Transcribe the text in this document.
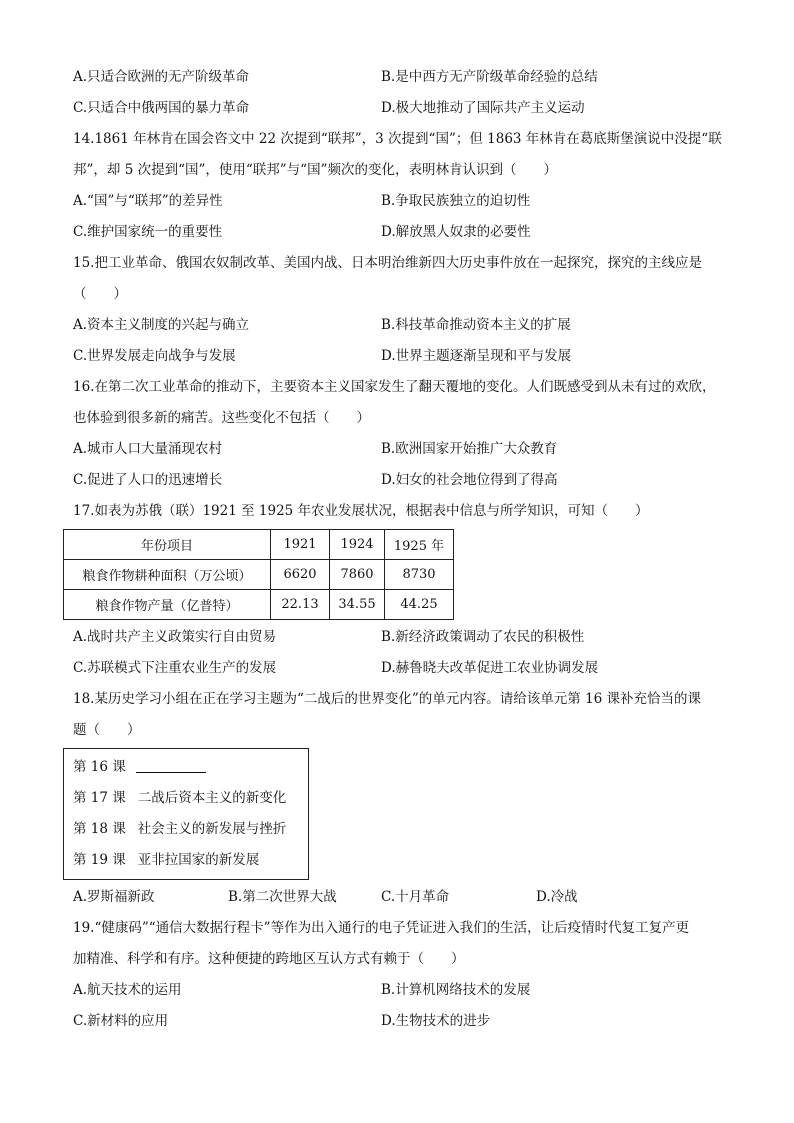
A.只适合欧洲的无产阶级革命	B.是中西方无产阶级革命经验的总结
C.只适合中俄两国的暴力革命	D.极大地推动了国际共产主义运动
14.1861 年林肯在国会咨文中 22 次提到“联邦”，3 次提到“国”；但 1863 年林肯在葛底斯堡演说中没提“联
邦”，却 5 次提到“国”，使用“联邦”与“国”频次的变化，表明林肯认识到（　　）
A.“国”与“联邦”的差异性	B.争取民族独立的迫切性
C.维护国家统一的重要性	D.解放黑人奴隶的必要性
15.把工业革命、俄国农奴制改革、美国内战、日本明治维新四大历史事件放在一起探究，探究的主线应是
（　　）
A.资本主义制度的兴起与确立	B.科技革命推动资本主义的扩展
C.世界发展走向战争与发展	D.世界主题逐渐呈现和平与发展
16.在第二次工业革命的推动下，主要资本主义国家发生了翻天覆地的变化。人们既感受到从未有过的欢欣，
也体验到很多新的痛苦。这些变化不包括（　　）
A.城市人口大量涌现农村	B.欧洲国家开始推广大众教育
C.促进了人口的迅速增长	D.妇女的社会地位得到了得高
17.如表为苏俄（联）1921 至 1925 年农业发展状况，根据表中信息与所学知识，可知（　　）
年份项目	1921	1924	1925 年
粮食作物耕种面积（万公顷）	6620	7860	8730
粮食作物产量（亿普特）	22.13	34.55	44.25
A.战时共产主义政策实行自由贸易	B.新经济政策调动了农民的积极性
C.苏联模式下注重农业生产的发展	D.赫鲁晓夫改革促进工农业协调发展
18.某历史学习小组在正在学习主题为“二战后的世界变化”的单元内容。请给该单元第 16 课补充恰当的课
题（　　）
第 16 课
第 17 课 二战后资本主义的新变化
第 18 课 社会主义的新发展与挫折
第 19 课 亚非拉国家的新发展
A.罗斯福新政	B.第二次世界大战	C.十月革命	D.冷战
19.“健康码”“通信大数据行程卡”等作为出入通行的电子凭证进入我们的生活，让后疫情时代复工复产更
加精准、科学和有序。这种便捷的跨地区互认方式有赖于（　　）
A.航天技术的运用	B.计算机网络技术的发展
C.新材料的应用	D.生物技术的进步
